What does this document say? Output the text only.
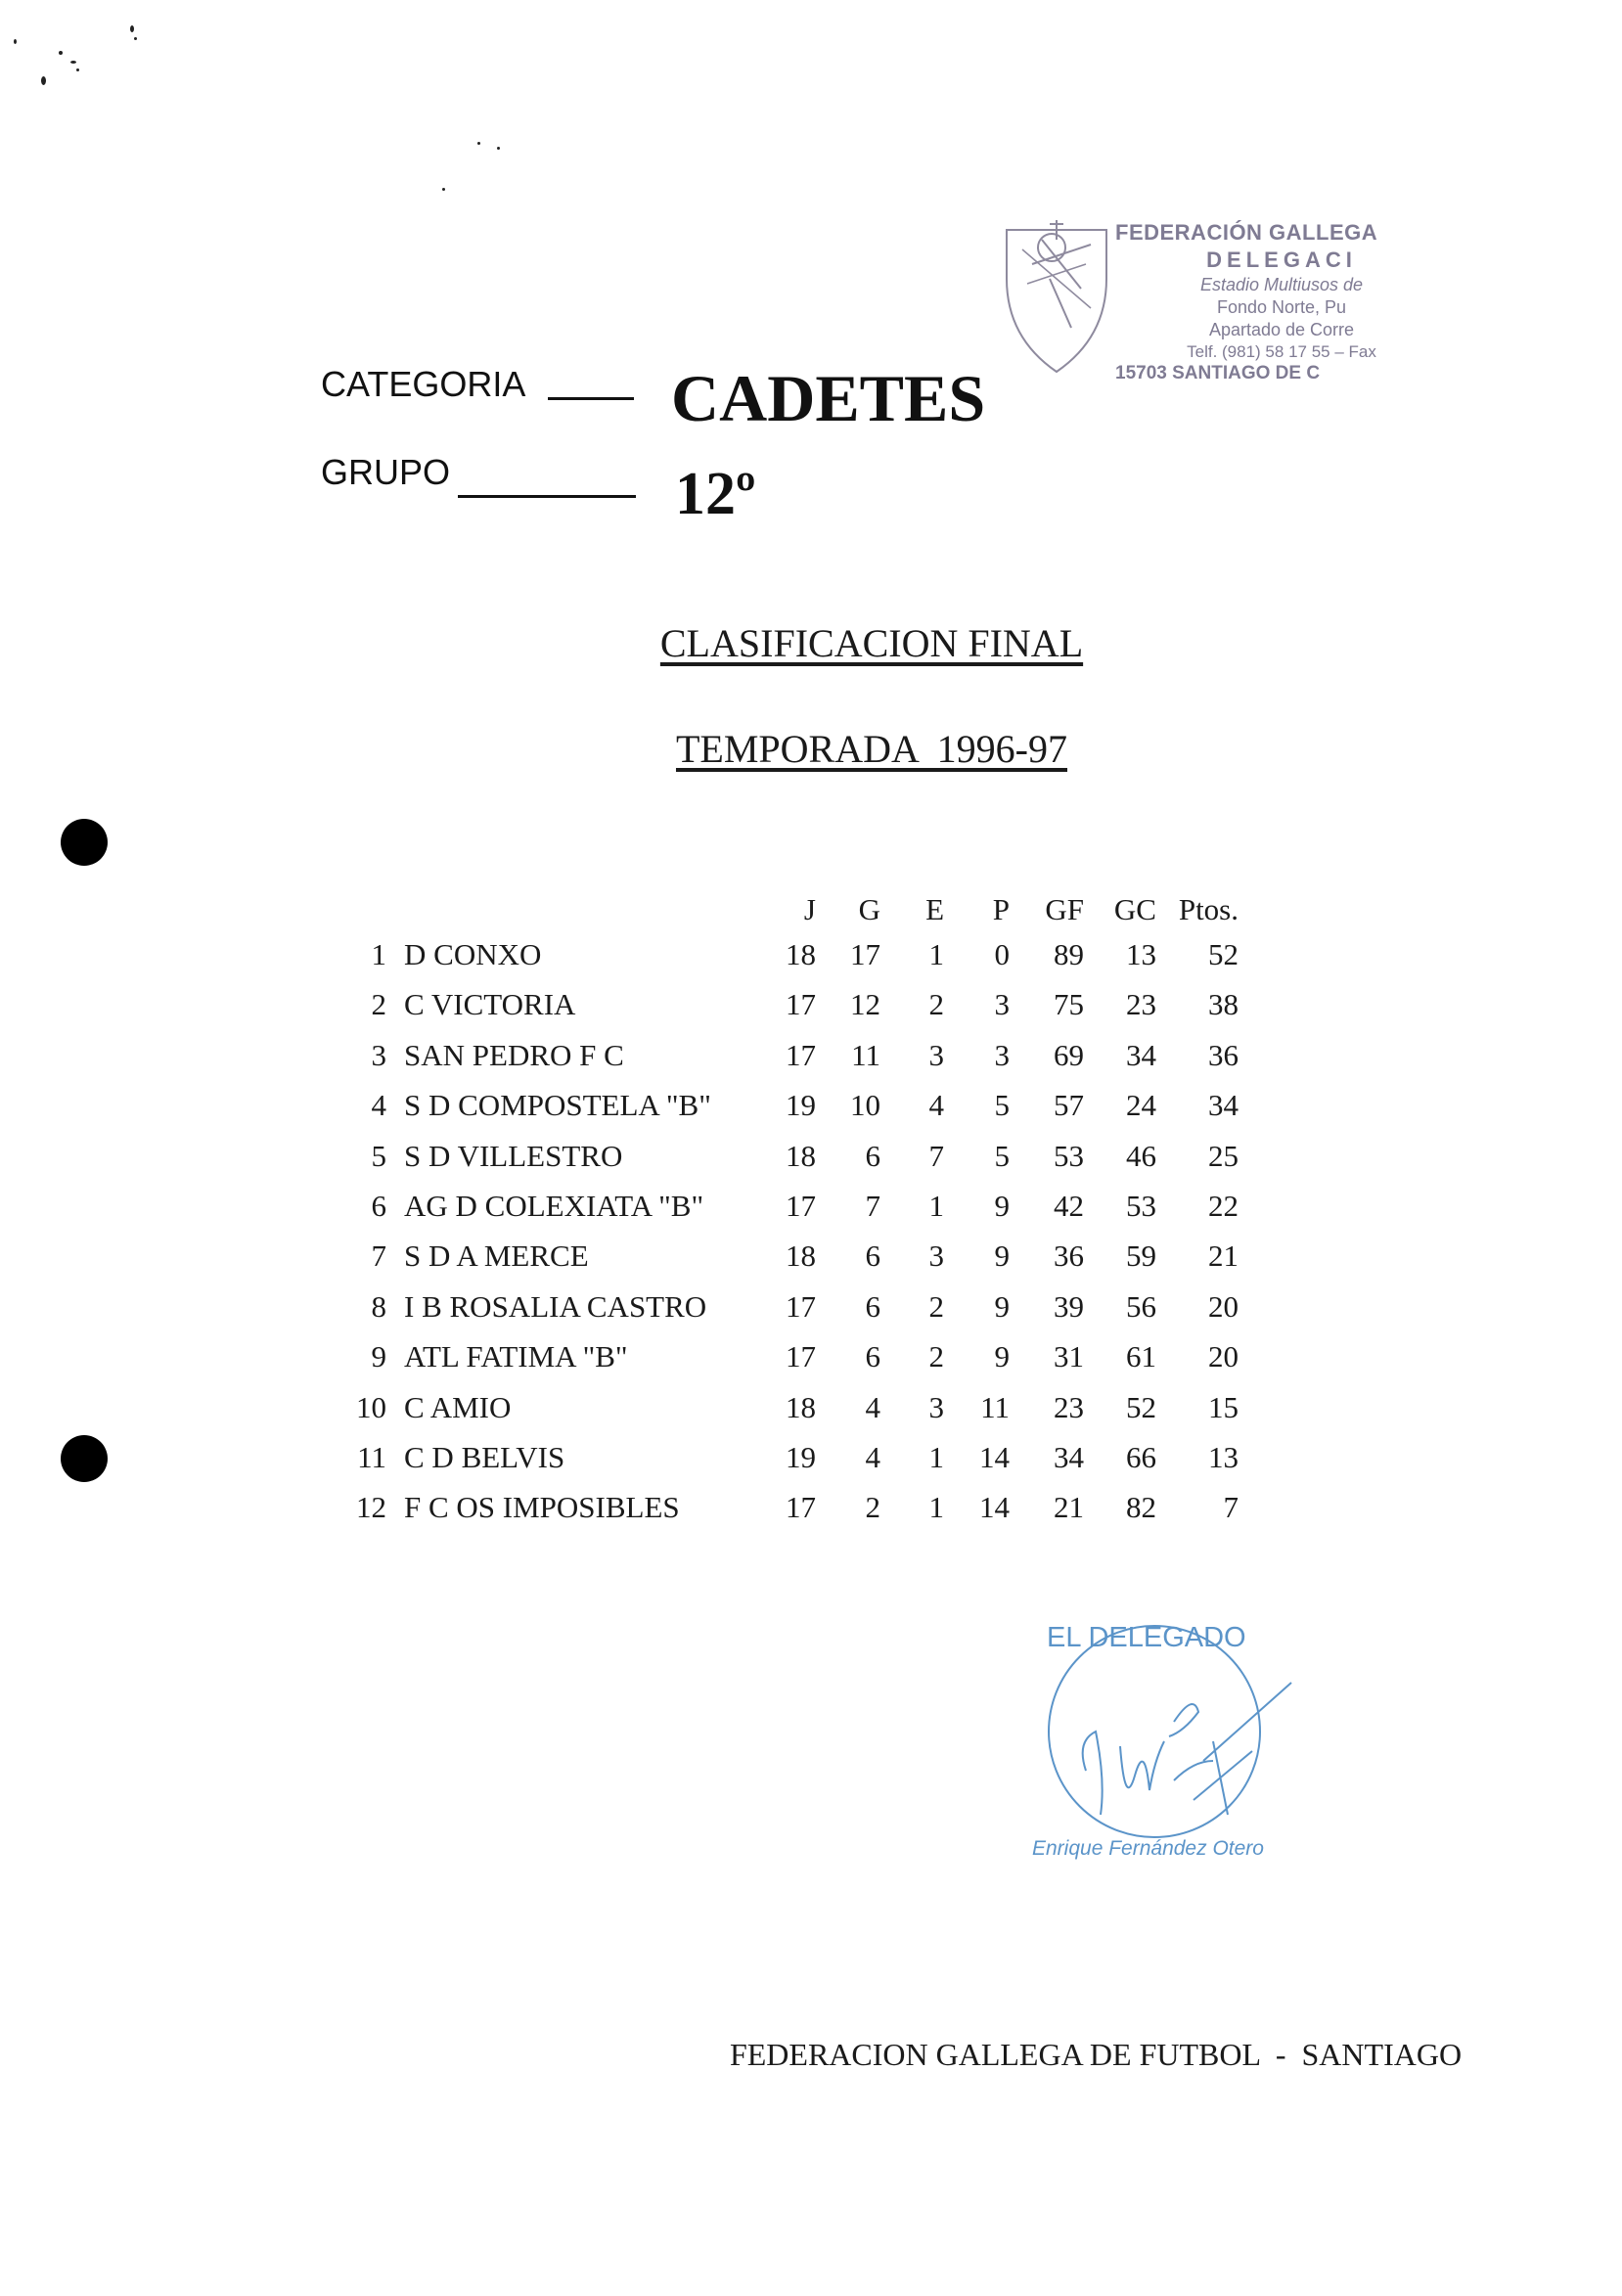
FEDERACIÓN GALLEGA
DELEGACI
Estadio Multiusos de
Fondo Norte, Pu
Apartado de Corre
Telf. (981) 58 17 55 – Fax
15703 SANTIAGO DE C
CATEGORIA CADETES
GRUPO	12º
CLASIFICACION FINAL
TEMPORADA  1996-97
J G E P GF GC Ptos.
1 D CONXO	18 17 1 0 89 13 52
2 C VICTORIA	17 12 2 3 75 23 38
3 SAN PEDRO F C	17 11 3 3 69 34 36
4 S D COMPOSTELA "B" 19 10 4 5 57 24 34
5 S D VILLESTRO	18 6 7 5 53 46 25
6 AG D COLEXIATA "B"	17 7 1 9 42 53 22
7 S D A MERCE	18 6 3 9 36 59 21
8 I B ROSALIA CASTRO	17 6 2 9 39 56 20
9 ATL FATIMA "B"	17 6 2 9 31 61 20
10 C AMIO	18 4 3 11 23 52 15
11 C D BELVIS	19 4 1 14 34 66 13
12 F C OS IMPOSIBLES	17 2 1 14 21 82 7
EL DELEGADO
Enrique Fernández Otero
FEDERACION GALLEGA DE FUTBOL  -  SANTIAGO
